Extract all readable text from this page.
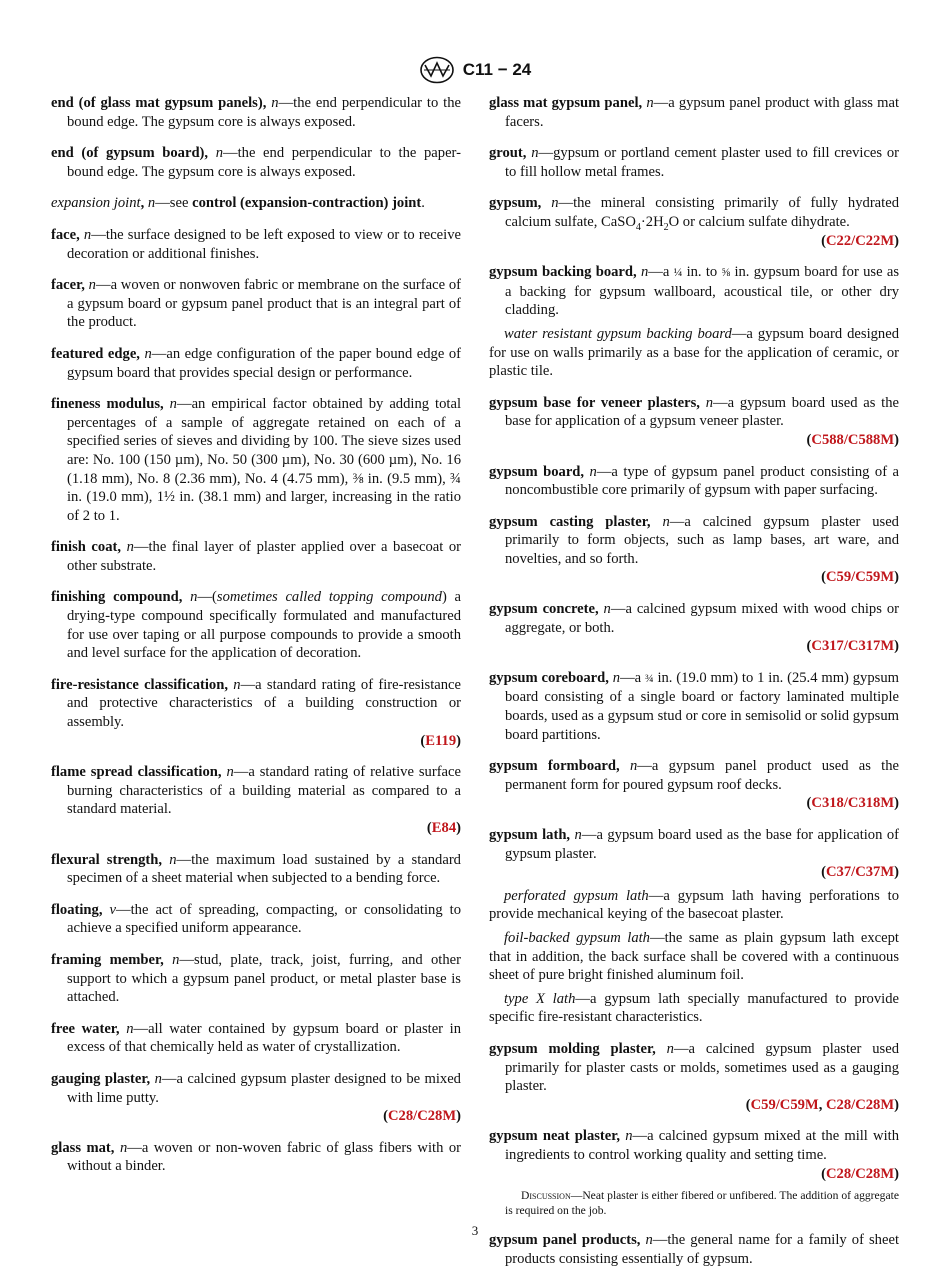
C11 − 24

end (of glass mat gypsum panels), n—the end perpendicular to the bound edge. The gypsum core is always exposed.

end (of gypsum board), n—the end perpendicular to the paper-bound edge. The gypsum core is always exposed.

expansion joint, n—see control (expansion-contraction) joint.

face, n—the surface designed to be left exposed to view or to receive decoration or additional finishes.

facer, n—a woven or nonwoven fabric or membrane on the surface of a gypsum board or gypsum panel product that is an integral part of the product.

featured edge, n—an edge configuration of the paper bound edge of gypsum board that provides special design or performance.

fineness modulus, n—an empirical factor obtained by adding total percentages of a sample of aggregate retained on each of a specified series of sieves and dividing by 100. The sieve sizes used are: No. 100 (150 µm), No. 50 (300 µm), No. 30 (600 µm), No. 16 (1.18 mm), No. 8 (2.36 mm), No. 4 (4.75 mm), ⅜ in. (9.5 mm), ¾ in. (19.0 mm), 1½ in. (38.1 mm) and larger, increasing in the ratio of 2 to 1.

finish coat, n—the final layer of plaster applied over a basecoat or other substrate.

finishing compound, n—(sometimes called topping compound) a drying-type compound specifically formulated and manufactured for use over taping or all purpose compounds to provide a smooth and level surface for the application of decoration.

fire-resistance classification, n—a standard rating of fire-resistance and protective characteristics of a building construction or assembly.
(E119)

flame spread classification, n—a standard rating of relative surface burning characteristics of a building material as compared to a standard material.
(E84)

flexural strength, n—the maximum load sustained by a standard specimen of a sheet material when subjected to a bending force.

floating, v—the act of spreading, compacting, or consolidating to achieve a specified uniform appearance.

framing member, n—stud, plate, track, joist, furring, and other support to which a gypsum panel product, or metal plaster base is attached.

free water, n—all water contained by gypsum board or plaster in excess of that chemically held as water of crystallization.

gauging plaster, n—a calcined gypsum plaster designed to be mixed with lime putty.
(C28/C28M)

glass mat, n—a woven or non-woven fabric of glass fibers with or without a binder.

glass mat gypsum panel, n—a gypsum panel product with glass mat facers.

grout, n—gypsum or portland cement plaster used to fill crevices or to fill hollow metal frames.

gypsum, n—the mineral consisting primarily of fully hydrated calcium sulfate, $CaSO_4\cdot 2H_2O$ or calcium sulfate dihydrate.
(C22/C22M)

gypsum backing board, n—a ¼ in. to ⅝ in. gypsum board for use as a backing for gypsum wallboard, acoustical tile, or other dry cladding.

water resistant gypsum backing board—a gypsum board designed for use on walls primarily as a base for the application of ceramic, or plastic tile.

gypsum base for veneer plasters, n—a gypsum board used as the base for application of a gypsum veneer plaster.
(C588/C588M)

gypsum board, n—a type of gypsum panel product consisting of a noncombustible core primarily of gypsum with paper surfacing.

gypsum casting plaster, n—a calcined gypsum plaster used primarily to form objects, such as lamp bases, art ware, and novelties, and so forth.
(C59/C59M)

gypsum concrete, n—a calcined gypsum mixed with wood chips or aggregate, or both.
(C317/C317M)

gypsum coreboard, n—a ¾ in. (19.0 mm) to 1 in. (25.4 mm) gypsum board consisting of a single board or factory laminated multiple boards, used as a gypsum stud or core in semisolid or solid gypsum board partitions.

gypsum formboard, n—a gypsum panel product used as the permanent form for poured gypsum roof decks.
(C318/C318M)

gypsum lath, n—a gypsum board used as the base for application of gypsum plaster.
(C37/C37M)

perforated gypsum lath—a gypsum lath having perforations to provide mechanical keying of the basecoat plaster.

foil-backed gypsum lath—the same as plain gypsum lath except that in addition, the back surface shall be covered with a continuous sheet of pure bright finished aluminum foil.

type X lath—a gypsum lath specially manufactured to provide specific fire-resistant characteristics.

gypsum molding plaster, n—a calcined gypsum plaster used primarily for plaster casts or molds, sometimes used as a gauging plaster.
(C59/C59M, C28/C28M)

gypsum neat plaster, n—a calcined gypsum mixed at the mill with ingredients to control working quality and setting time.
(C28/C28M)

Discussion—Neat plaster is either fibered or unfibered. The addition of aggregate is required on the job.

gypsum panel products, n—the general name for a family of sheet products consisting essentially of gypsum.

3
